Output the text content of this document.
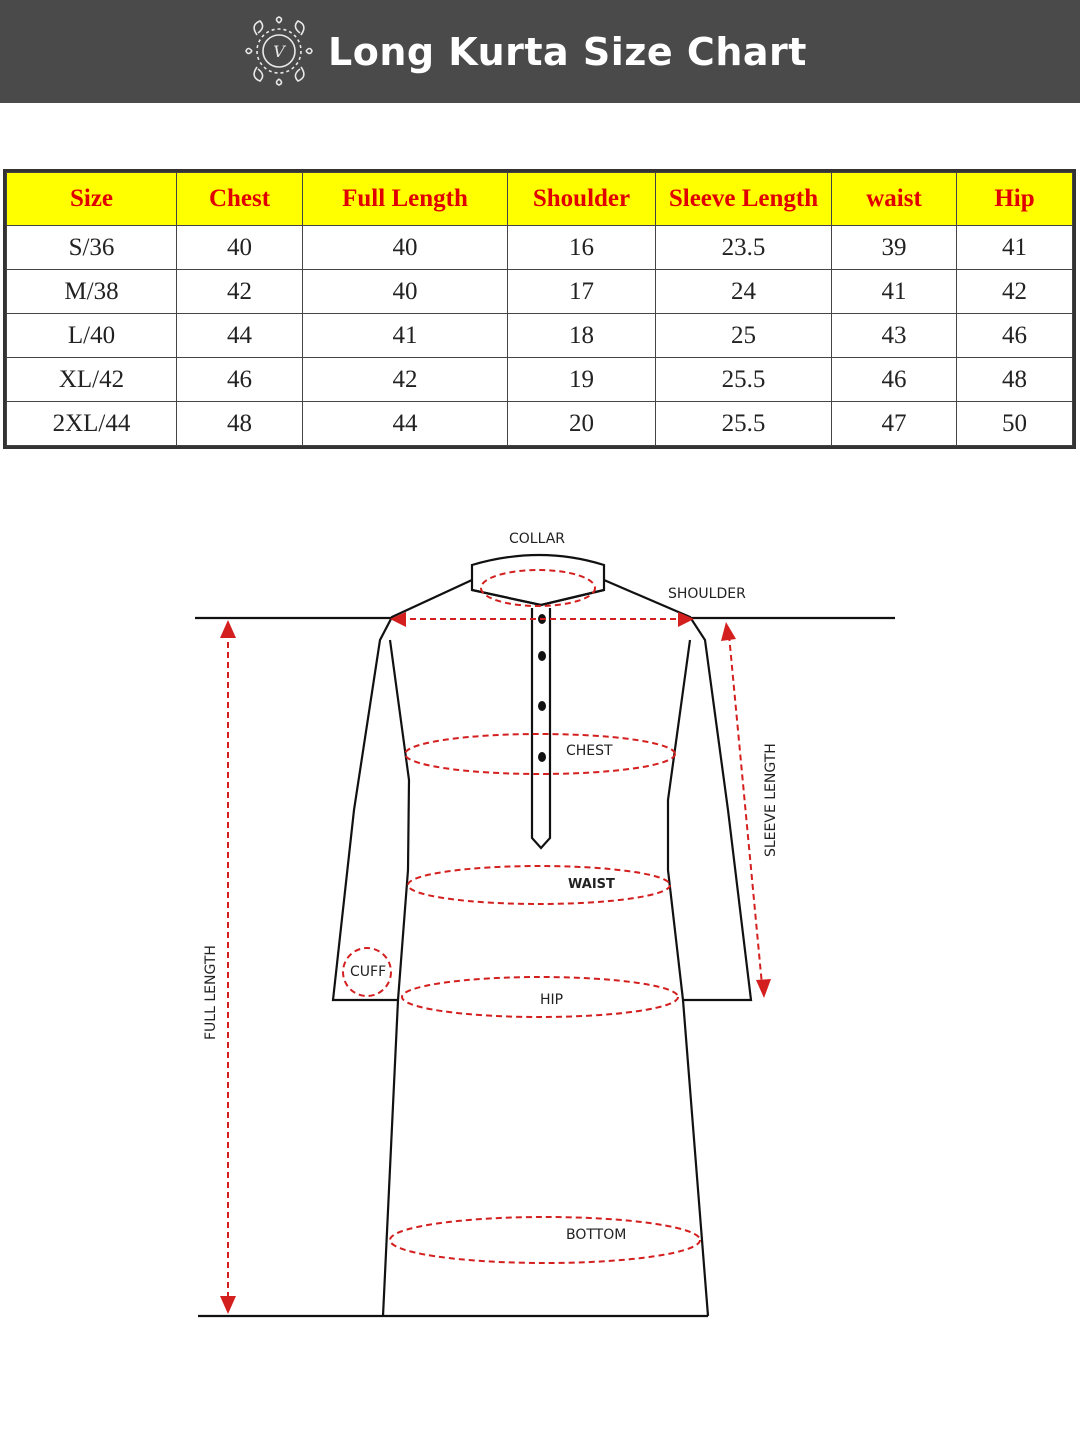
V Long Kurta Size Chart
Size	Chest	Full Length	Shoulder	Sleeve Length	waist	Hip
S/36	40	40	16	23.5	39	41
M/38	42	40	17	24	41	42
L/40	44	41	18	25	43	46
XL/42	46	42	19	25.5	46	48
2XL/44	48	44	20	25.5	47	50
COLLAR
SHOULDER
CHEST
WAIST
CUFF
HIP
BOTTOM
SLEEVE LENGTH
FULL LENGTH
